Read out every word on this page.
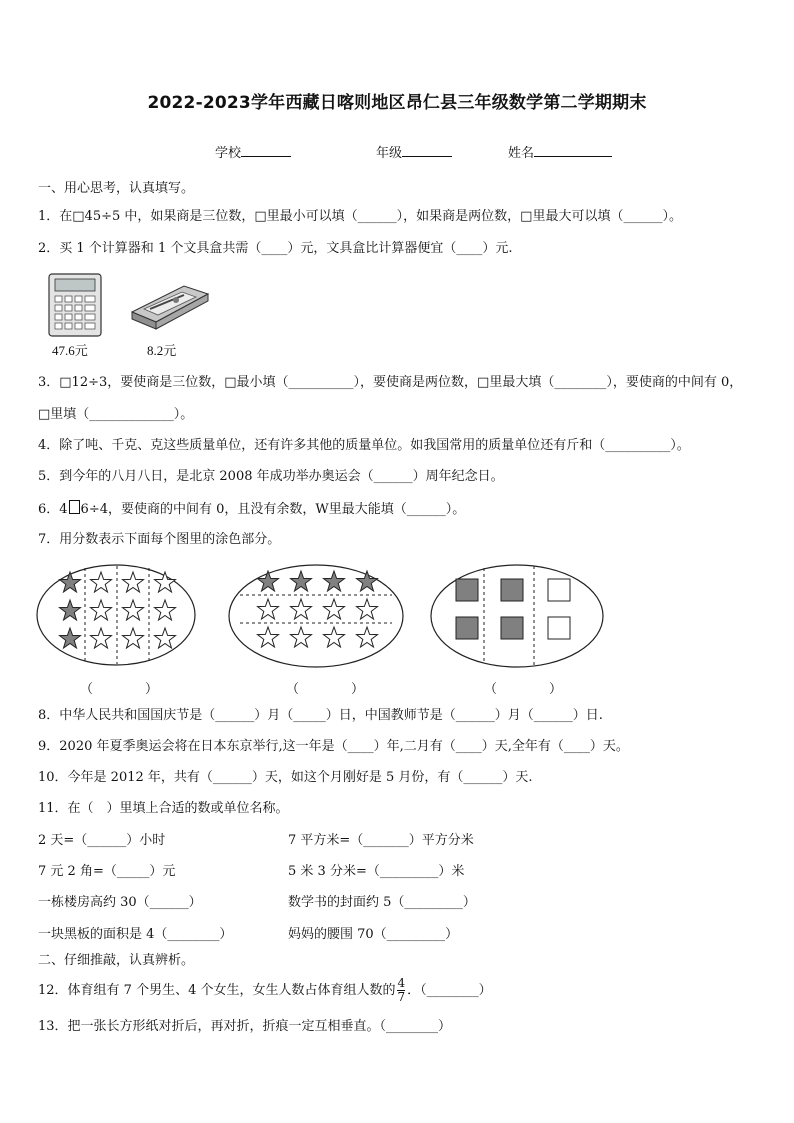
2022-2023学年西藏日喀则地区昂仁县三年级数学第二学期期末
学校	年级	姓名
一、用心思考，认真填写。
1．在□45÷5 中，如果商是三位数，□里最小可以填（______），如果商是两位数，□里最大可以填（______）。
2．买 1 个计算器和 1 个文具盒共需（____）元，文具盒比计算器便宜（____）元.
47.6元	8.2元
3．□12÷3，要使商是三位数，□最小填（__________），要使商是两位数，□里最大填（________），要使商的中间有 0，
□里填（_____________）。
4．除了吨、千克、克这些质量单位，还有许多其他的质量单位。如我国常用的质量单位还有斤和（__________）。
5．到今年的八月八日，是北京 2008 年成功举办奥运会（______）周年纪念日。
6．4 6÷4，要使商的中间有 0，且没有余数，W里最大能填（______）。
7．用分数表示下面每个图里的涂色部分。
（　　　　）	（　　　　）	（　　　　）
8．中华人民共和国国庆节是（______）月（_____）日，中国教师节是（______）月（______）日.
9．2020 年夏季奥运会将在日本东京举行,这一年是（____）年,二月有（____）天,全年有（____）天。
10．今年是 2012 年，共有（______）天，如这个月刚好是 5 月份，有（______）天.
11．在（　）里填上合适的数或单位名称。
2 天=（______）小时	7 平方米=（_______）平方分米
7 元 2 角=（_____）元	5 米 3 分米=（_________）米
一栋楼房高约 30（______）	数学书的封面约 5（_________）
一块黑板的面积是 4（________）	妈妈的腰围 70（_________）
二、仔细推敲，认真辨析。
12．体育组有 7 个男生、4 个女生，女生人数占体育组人数的 $\frac{4}{7}$ ．（________）
13．把一张长方形纸对折后，再对折，折痕一定互相垂直。（________）
